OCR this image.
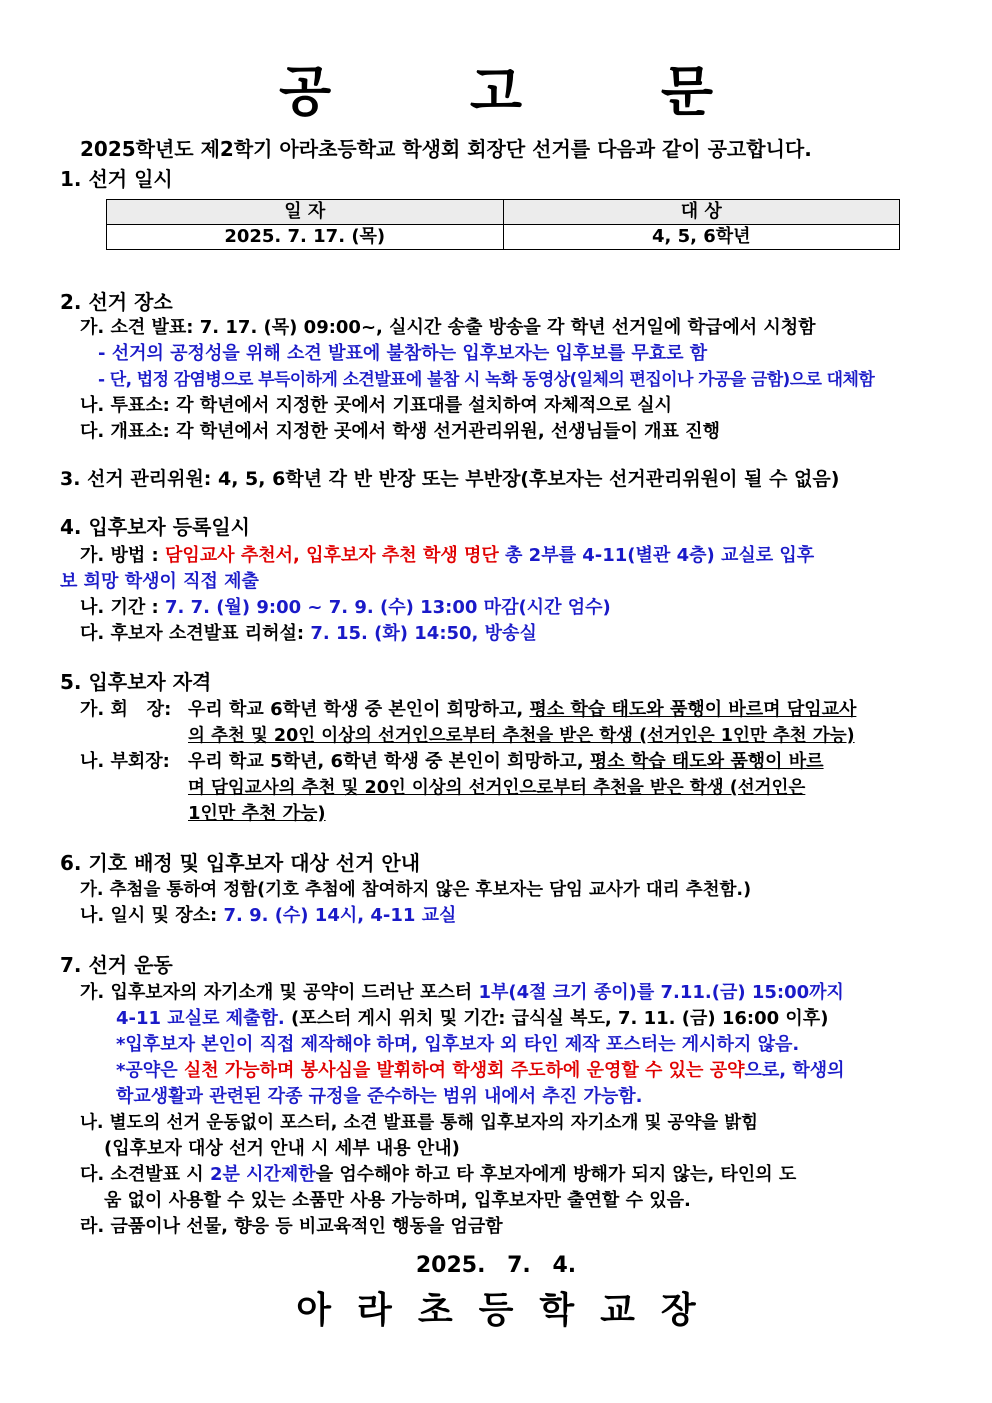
공 고 문
2025학년도 제2학기 아라초등학교 학생회 회장단 선거를 다음과 같이 공고합니다.
1. 선거 일시
일 자	대 상
2025. 7. 17. (목)	4, 5, 6학년
2. 선거 장소
가. 소견 발표: 7. 17. (목) 09:00~, 실시간 송출 방송을 각 학년 선거일에 학급에서 시청함
- 선거의 공정성을 위해 소견 발표에 불참하는 입후보자는 입후보를 무효로 함
- 단, 법정 감염병으로 부득이하게 소견발표에 불참 시 녹화 동영상(일체의 편집이나 가공을 금함)으로 대체함
나. 투표소: 각 학년에서 지정한 곳에서 기표대를 설치하여 자체적으로 실시
다. 개표소: 각 학년에서 지정한 곳에서 학생 선거관리위원, 선생님들이 개표 진행
3. 선거 관리위원: 4, 5, 6학년 각 반 반장 또는 부반장(후보자는 선거관리위원이 될 수 없음)
4. 입후보자 등록일시
가. 방법 : 담임교사 추천서, 입후보자 추천 학생 명단 총 2부를 4-11(별관 4층) 교실로 입후
보 희망 학생이 직접 제출
나. 기간 : 7. 7. (월) 9:00 ~ 7. 9. (수) 13:00 마감(시간 엄수)
다. 후보자 소견발표 리허설: 7. 15. (화) 14:50, 방송실
5. 입후보자 자격
가. 회   장: 우리 학교 6학년 학생 중 본인이 희망하고, 평소 학습 태도와 품행이 바르며 담임교사
의 추천 및 20인 이상의 선거인으로부터 추천을 받은 학생 (선거인은 1인만 추천 가능)
나. 부회장: 우리 학교 5학년, 6학년 학생 중 본인이 희망하고, 평소 학습 태도와 품행이 바르
며 담임교사의 추천 및 20인 이상의 선거인으로부터 추천을 받은 학생 (선거인은
1인만 추천 가능)
6. 기호 배정 및 입후보자 대상 선거 안내
가. 추첨을 통하여 정함(기호 추첨에 참여하지 않은 후보자는 담임 교사가 대리 추천함.)
나. 일시 및 장소: 7. 9. (수) 14시, 4-11 교실
7. 선거 운동
가. 입후보자의 자기소개 및 공약이 드러난 포스터 1부(4절 크기 종이)를 7.11.(금) 15:00까지
4-11 교실로 제출함. (포스터 게시 위치 및 기간: 급식실 복도, 7. 11. (금) 16:00 이후)
*입후보자 본인이 직접 제작해야 하며, 입후보자 외 타인 제작 포스터는 게시하지 않음.
*공약은 실천 가능하며 봉사심을 발휘하여 학생회 주도하에 운영할 수 있는 공약으로, 학생의
학교생활과 관련된 각종 규정을 준수하는 범위 내에서 추진 가능함.
나. 별도의 선거 운동없이 포스터, 소견 발표를 통해 입후보자의 자기소개 및 공약을 밝힘
(입후보자 대상 선거 안내 시 세부 내용 안내)
다. 소견발표 시 2분 시간제한을 엄수해야 하고 타 후보자에게 방해가 되지 않는, 타인의 도
움 없이 사용할 수 있는 소품만 사용 가능하며, 입후보자만 출연할 수 있음.
라. 금품이나 선물, 향응 등 비교육적인 행동을 엄금함
2025. 7. 4.
아라초등학교장
